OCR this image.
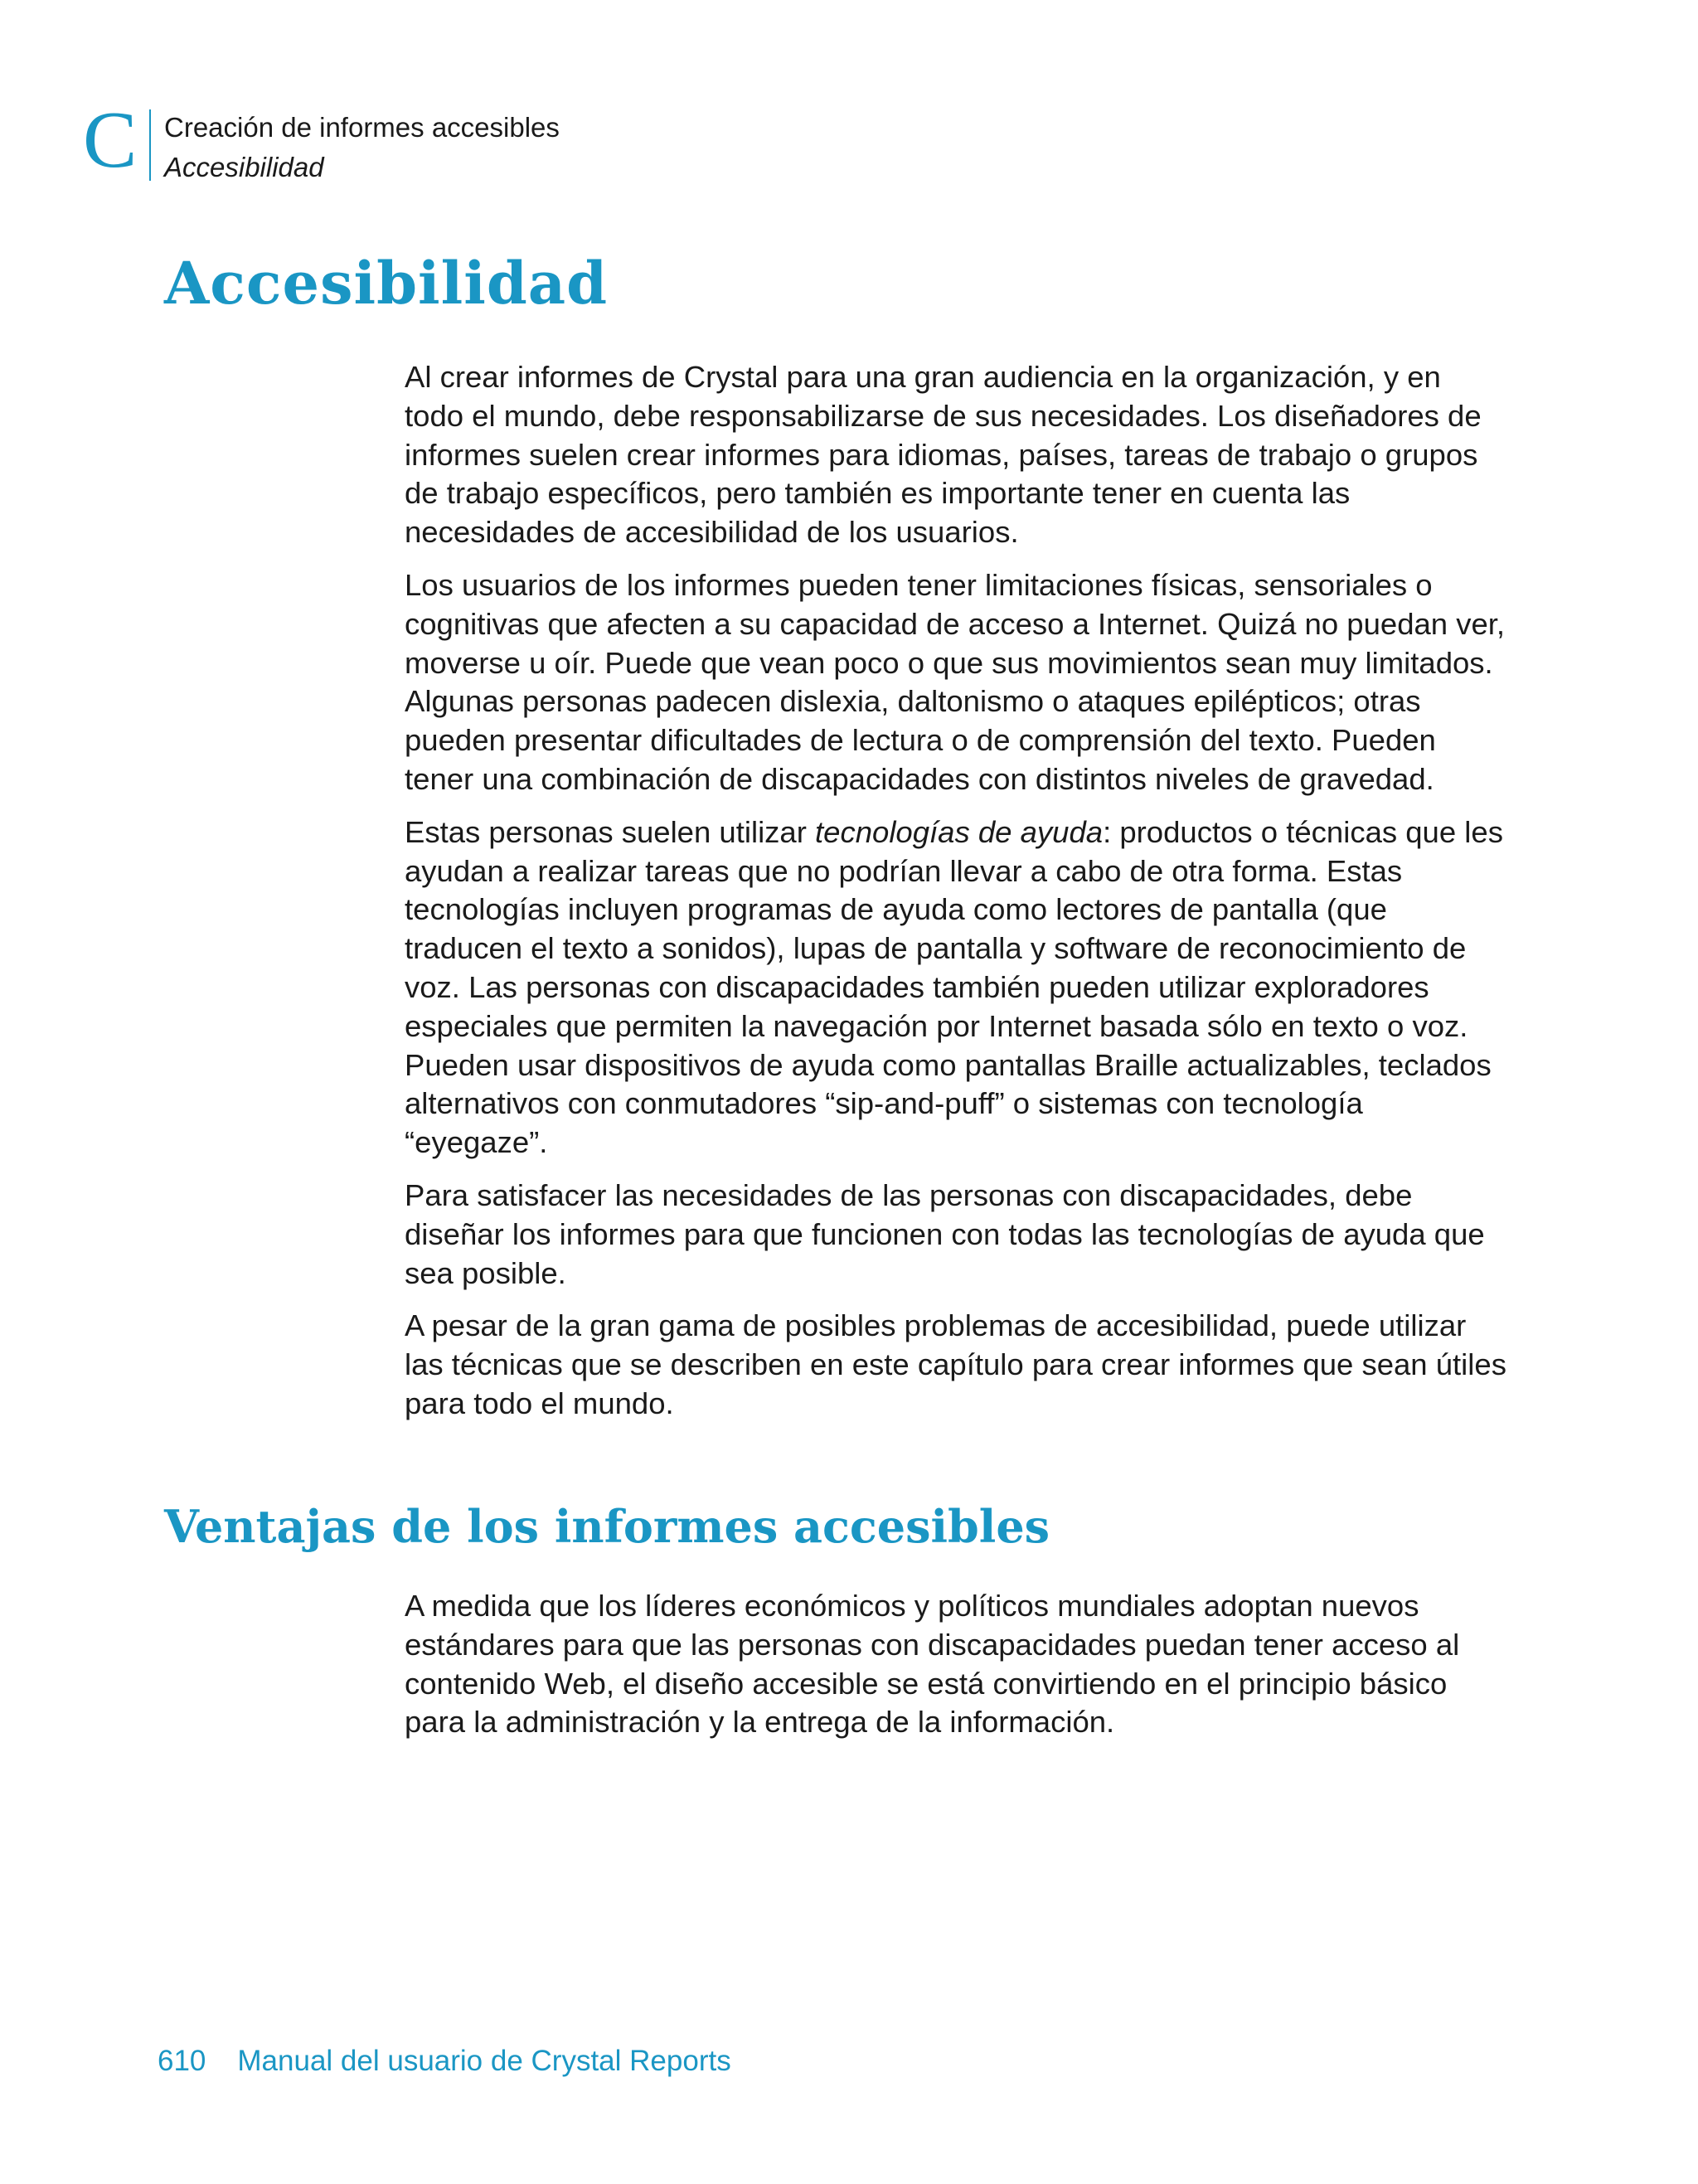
C Creación de informes accesibles
Accesibilidad
Accesibilidad

Al crear informes de Crystal para una gran audiencia en la organización, y en todo el mundo, debe responsabilizarse de sus necesidades. Los diseñadores de informes suelen crear informes para idiomas, países, tareas de trabajo o grupos de trabajo específicos, pero también es importante tener en cuenta las necesidades de accesibilidad de los usuarios.

Los usuarios de los informes pueden tener limitaciones físicas, sensoriales o cognitivas que afecten a su capacidad de acceso a Internet. Quizá no puedan ver, moverse u oír. Puede que vean poco o que sus movimientos sean muy limitados. Algunas personas padecen dislexia, daltonismo o ataques epilépticos; otras pueden presentar dificultades de lectura o de comprensión del texto. Pueden tener una combinación de discapacidades con distintos niveles de gravedad.

Estas personas suelen utilizar tecnologías de ayuda: productos o técnicas que les ayudan a realizar tareas que no podrían llevar a cabo de otra forma. Estas tecnologías incluyen programas de ayuda como lectores de pantalla (que traducen el texto a sonidos), lupas de pantalla y software de reconocimiento de voz. Las personas con discapacidades también pueden utilizar exploradores especiales que permiten la navegación por Internet basada sólo en texto o voz. Pueden usar dispositivos de ayuda como pantallas Braille actualizables, teclados alternativos con conmutadores “sip-and-puff” o sistemas con tecnología “eyegaze”.

Para satisfacer las necesidades de las personas con discapacidades, debe diseñar los informes para que funcionen con todas las tecnologías de ayuda que sea posible.

A pesar de la gran gama de posibles problemas de accesibilidad, puede utilizar las técnicas que se describen en este capítulo para crear informes que sean útiles para todo el mundo.

Ventajas de los informes accesibles

A medida que los líderes económicos y políticos mundiales adoptan nuevos estándares para que las personas con discapacidades puedan tener acceso al contenido Web, el diseño accesible se está convirtiendo en el principio básico para la administración y la entrega de la información.

610 Manual del usuario de Crystal Reports
